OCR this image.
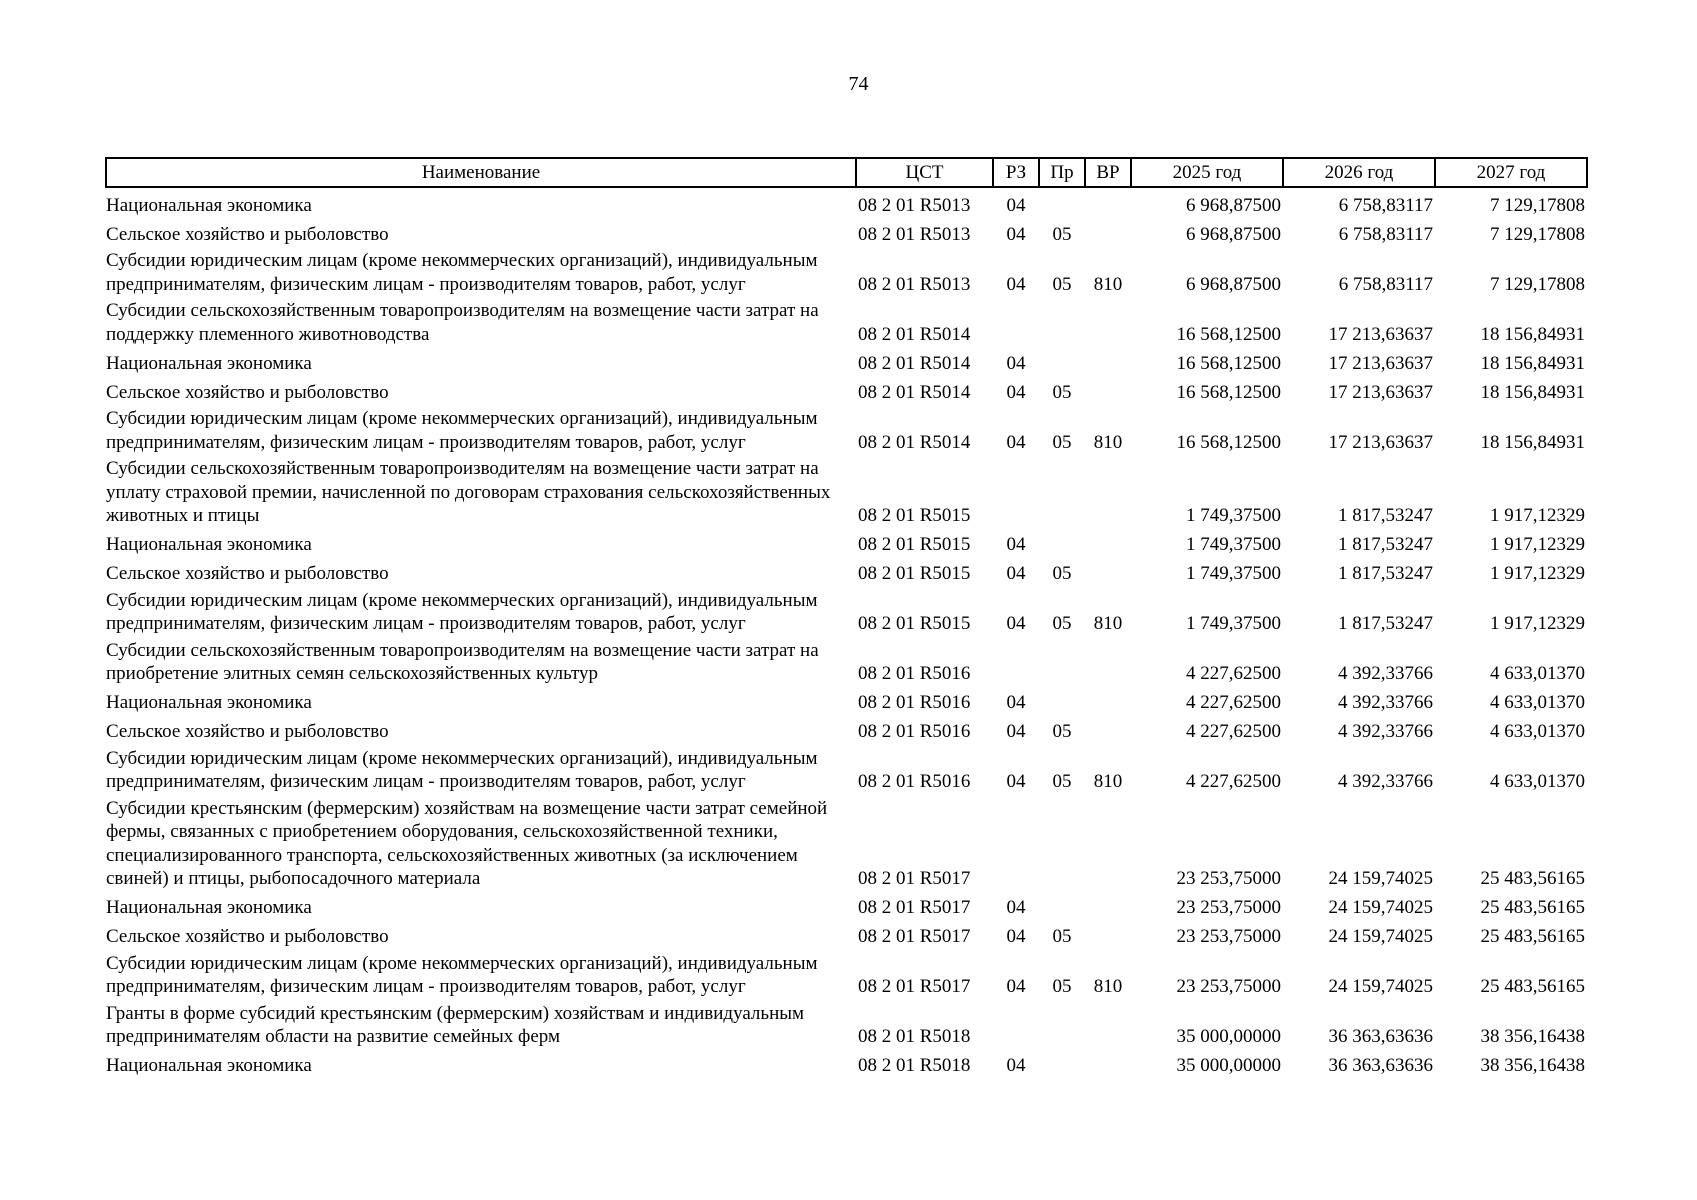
74
Наименование	ЦСТ	РЗ	Пр	ВР	2025 год	2026 год	2027 год
Национальная экономика	08 2 01 R5013	04			6 968,87500	6 758,83117	7 129,17808
Сельское хозяйство и рыболовство	08 2 01 R5013	04	05		6 968,87500	6 758,83117	7 129,17808
Субсидии юридическим лицам (кроме некоммерческих организаций), индивидуальным предпринимателям, физическим лицам - производителям товаров, работ, услуг	08 2 01 R5013	04	05	810	6 968,87500	6 758,83117	7 129,17808
Субсидии сельскохозяйственным товаропроизводителям на возмещение части затрат на поддержку племенного животноводства	08 2 01 R5014				16 568,12500	17 213,63637	18 156,84931
Национальная экономика	08 2 01 R5014	04			16 568,12500	17 213,63637	18 156,84931
Сельское хозяйство и рыболовство	08 2 01 R5014	04	05		16 568,12500	17 213,63637	18 156,84931
Субсидии юридическим лицам (кроме некоммерческих организаций), индивидуальным предпринимателям, физическим лицам - производителям товаров, работ, услуг	08 2 01 R5014	04	05	810	16 568,12500	17 213,63637	18 156,84931
Субсидии сельскохозяйственным товаропроизводителям на возмещение части затрат на уплату страховой премии, начисленной по договорам страхования сельскохозяйственных животных и птицы	08 2 01 R5015				1 749,37500	1 817,53247	1 917,12329
Национальная экономика	08 2 01 R5015	04			1 749,37500	1 817,53247	1 917,12329
Сельское хозяйство и рыболовство	08 2 01 R5015	04	05		1 749,37500	1 817,53247	1 917,12329
Субсидии юридическим лицам (кроме некоммерческих организаций), индивидуальным предпринимателям, физическим лицам - производителям товаров, работ, услуг	08 2 01 R5015	04	05	810	1 749,37500	1 817,53247	1 917,12329
Субсидии сельскохозяйственным товаропроизводителям на возмещение части затрат на приобретение элитных семян сельскохозяйственных культур	08 2 01 R5016				4 227,62500	4 392,33766	4 633,01370
Национальная экономика	08 2 01 R5016	04			4 227,62500	4 392,33766	4 633,01370
Сельское хозяйство и рыболовство	08 2 01 R5016	04	05		4 227,62500	4 392,33766	4 633,01370
Субсидии юридическим лицам (кроме некоммерческих организаций), индивидуальным предпринимателям, физическим лицам - производителям товаров, работ, услуг	08 2 01 R5016	04	05	810	4 227,62500	4 392,33766	4 633,01370
Субсидии крестьянским (фермерским) хозяйствам на возмещение части затрат семейной фермы, связанных с приобретением оборудования, сельскохозяйственной техники, специализированного транспорта, сельскохозяйственных животных (за исключением свиней) и птицы, рыбопосадочного материала	08 2 01 R5017				23 253,75000	24 159,74025	25 483,56165
Национальная экономика	08 2 01 R5017	04			23 253,75000	24 159,74025	25 483,56165
Сельское хозяйство и рыболовство	08 2 01 R5017	04	05		23 253,75000	24 159,74025	25 483,56165
Субсидии юридическим лицам (кроме некоммерческих организаций), индивидуальным предпринимателям, физическим лицам - производителям товаров, работ, услуг	08 2 01 R5017	04	05	810	23 253,75000	24 159,74025	25 483,56165
Гранты в форме субсидий крестьянским (фермерским) хозяйствам и индивидуальным предпринимателям области на развитие семейных ферм	08 2 01 R5018				35 000,00000	36 363,63636	38 356,16438
Национальная экономика	08 2 01 R5018	04			35 000,00000	36 363,63636	38 356,16438
